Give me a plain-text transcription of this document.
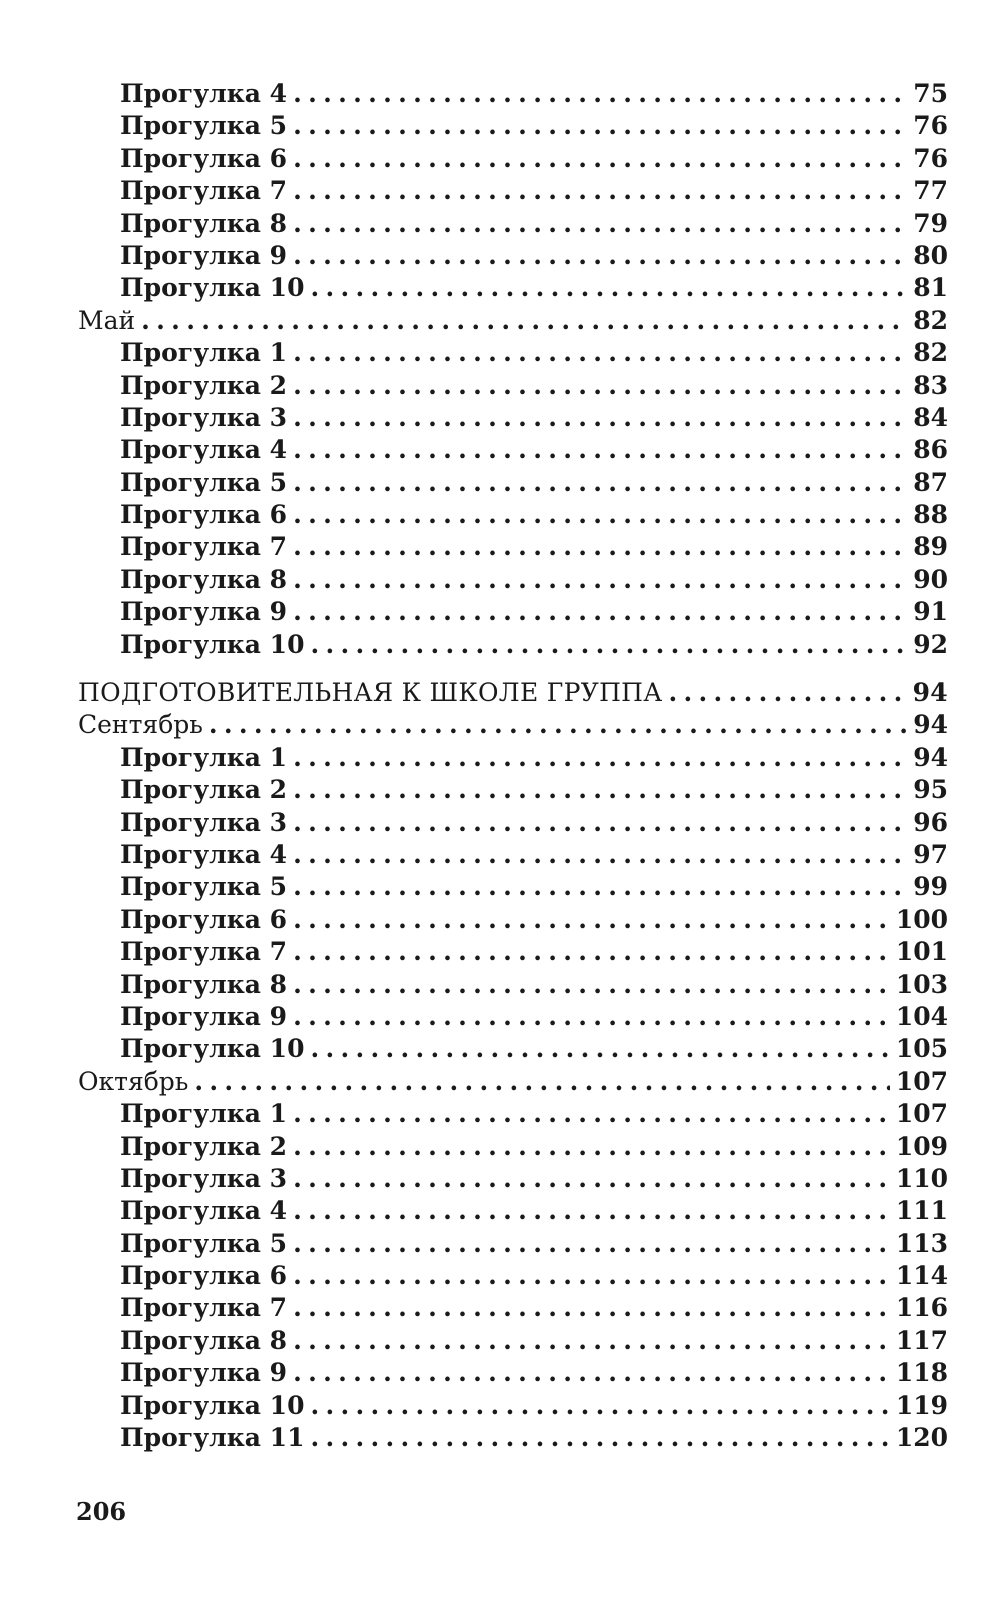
Прогулка 4 . . .	75
Прогулка 5 . . .	76
Прогулка 6 . . .	76
Прогулка 7 . . .	77
Прогулка 8 . . .	79
Прогулка 9 . . .	80
Прогулка 10 . . .	81
Май . . .	82
Прогулка 1 . . .	82
Прогулка 2 . . .	83
Прогулка 3 . . .	84
Прогулка 4 . . .	86
Прогулка 5 . . .	87
Прогулка 6 . . .	88
Прогулка 7 . . .	89
Прогулка 8 . . .	90
Прогулка 9 . . .	91
Прогулка 10 . . .	92
ПОДГОТОВИТЕЛЬНАЯ К ШКОЛЕ ГРУППА . . .	94
Сентябрь . . .	94
Прогулка 1 . . .	94
Прогулка 2 . . .	95
Прогулка 3 . . .	96
Прогулка 4 . . .	97
Прогулка 5 . . .	99
Прогулка 6 . . .	100
Прогулка 7 . . .	101
Прогулка 8 . . .	103
Прогулка 9 . . .	104
Прогулка 10 . . .	105
Октябрь . . .	107
Прогулка 1 . . .	107
Прогулка 2 . . .	109
Прогулка 3 . . .	110
Прогулка 4 . . .	111
Прогулка 5 . . .	113
Прогулка 6 . . .	114
Прогулка 7 . . .	116
Прогулка 8 . . .	117
Прогулка 9 . . .	118
Прогулка 10 . . .	119
Прогулка 11 . . .	120
206
